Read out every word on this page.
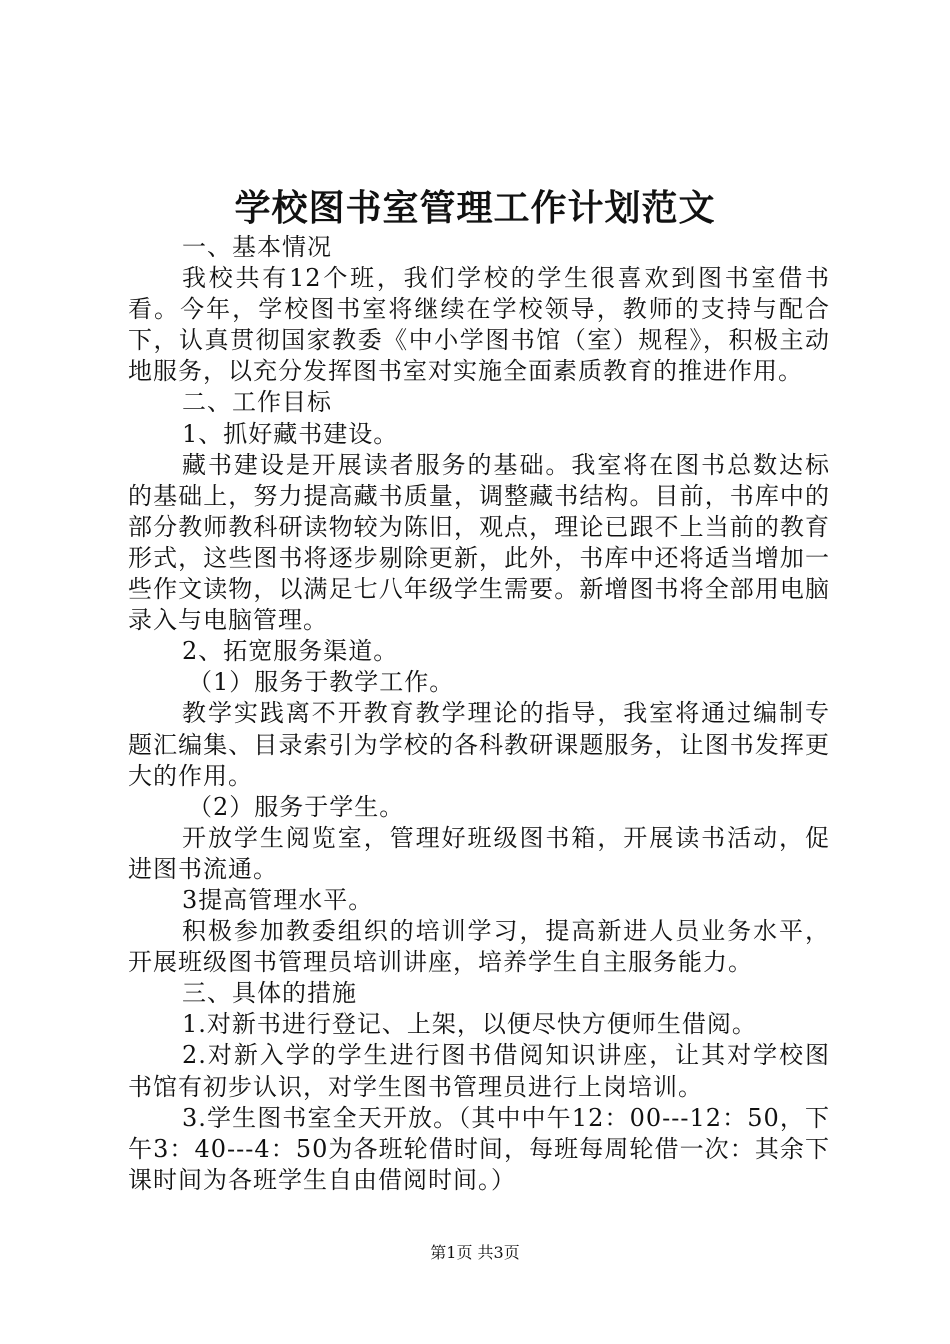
学校图书室管理工作计划范文

一、基本情况

我校共有12个班，我们学校的学生很喜欢到图书室借书看。今年，学校图书室将继续在学校领导，教师的支持与配合下，认真贯彻国家教委《中小学图书馆（室）规程》，积极主动地服务，以充分发挥图书室对实施全面素质教育的推进作用。

二、工作目标

1、抓好藏书建设。

藏书建设是开展读者服务的基础。我室将在图书总数达标的基础上，努力提高藏书质量，调整藏书结构。目前，书库中的部分教师教科研读物较为陈旧，观点，理论已跟不上当前的教育形式，这些图书将逐步剔除更新，此外，书库中还将适当增加一些作文读物，以满足七八年级学生需要。新增图书将全部用电脑录入与电脑管理。

2、拓宽服务渠道。

（1）服务于教学工作。

教学实践离不开教育教学理论的指导，我室将通过编制专题汇编集、目录索引为学校的各科教研课题服务，让图书发挥更大的作用。

（2）服务于学生。

开放学生阅览室，管理好班级图书箱，开展读书活动，促进图书流通。

3提高管理水平。

积极参加教委组织的培训学习，提高新进人员业务水平，开展班级图书管理员培训讲座，培养学生自主服务能力。

三、具体的措施

1.对新书进行登记、上架，以便尽快方便师生借阅。

2.对新入学的学生进行图书借阅知识讲座，让其对学校图书馆有初步认识，对学生图书管理员进行上岗培训。

3.学生图书室全天开放。（其中中午12：00---12：50，下午3：40---4：50为各班轮借时间，每班每周轮借一次：其余下课时间为各班学生自由借阅时间。）

第1页 共3页
